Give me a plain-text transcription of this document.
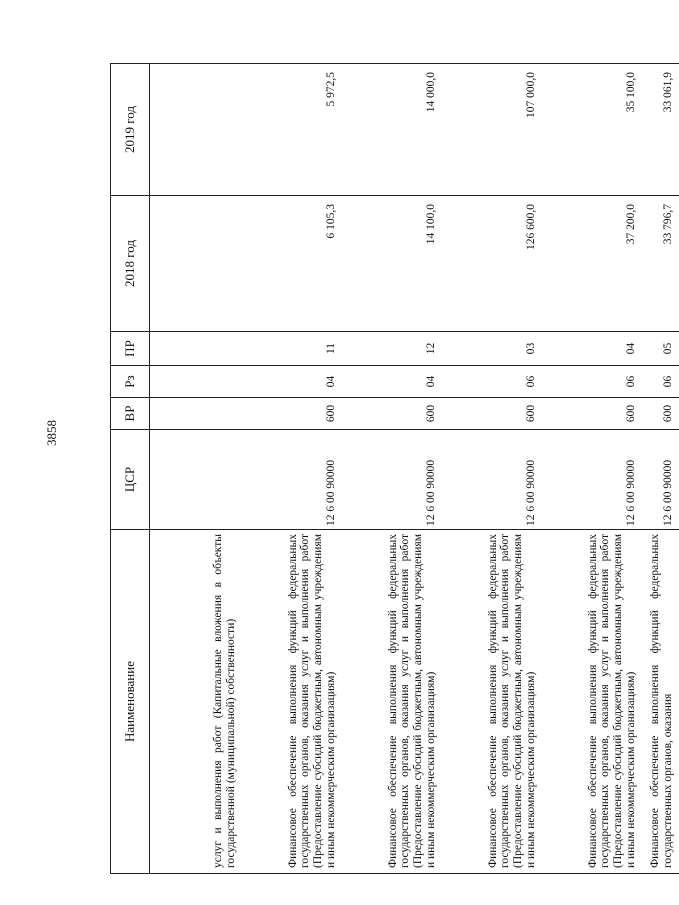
3858
Наименование	ЦСР	ВР	Рз	ПР	2018 год	2019 год
услуг и выполнения работ (Капитальные вложения в объекты государственной (муниципальной) собственности)						
Финансовое обеспечение выполнения функций федеральных государственных органов, оказания услуг и выполнения работ (Предоставление субсидий бюджетным, автономным учреждениям и иным некоммерческим организациям)	12 6 00 90000	600	04	11	6 105,3	5 972,5
Финансовое обеспечение выполнения функций федеральных государственных органов, оказания услуг и выполнения работ (Предоставление субсидий бюджетным, автономным учреждениям и иным некоммерческим организациям)	12 6 00 90000	600	04	12	14 100,0	14 000,0
Финансовое обеспечение выполнения функций федеральных государственных органов, оказания услуг и выполнения работ (Предоставление субсидий бюджетным, автономным учреждениям и иным некоммерческим организациям)	12 6 00 90000	600	06	03	126 600,0	107 000,0
Финансовое обеспечение выполнения функций федеральных государственных органов, оказания услуг и выполнения работ (Предоставление субсидий бюджетным, автономным учреждениям и иным некоммерческим организациям)	12 6 00 90000	600	06	04	37 200,0	35 100,0
Финансовое обеспечение выполнения функций федеральных государственных органов, оказания	12 6 00 90000	600	06	05	33 796,7	33 061,9
